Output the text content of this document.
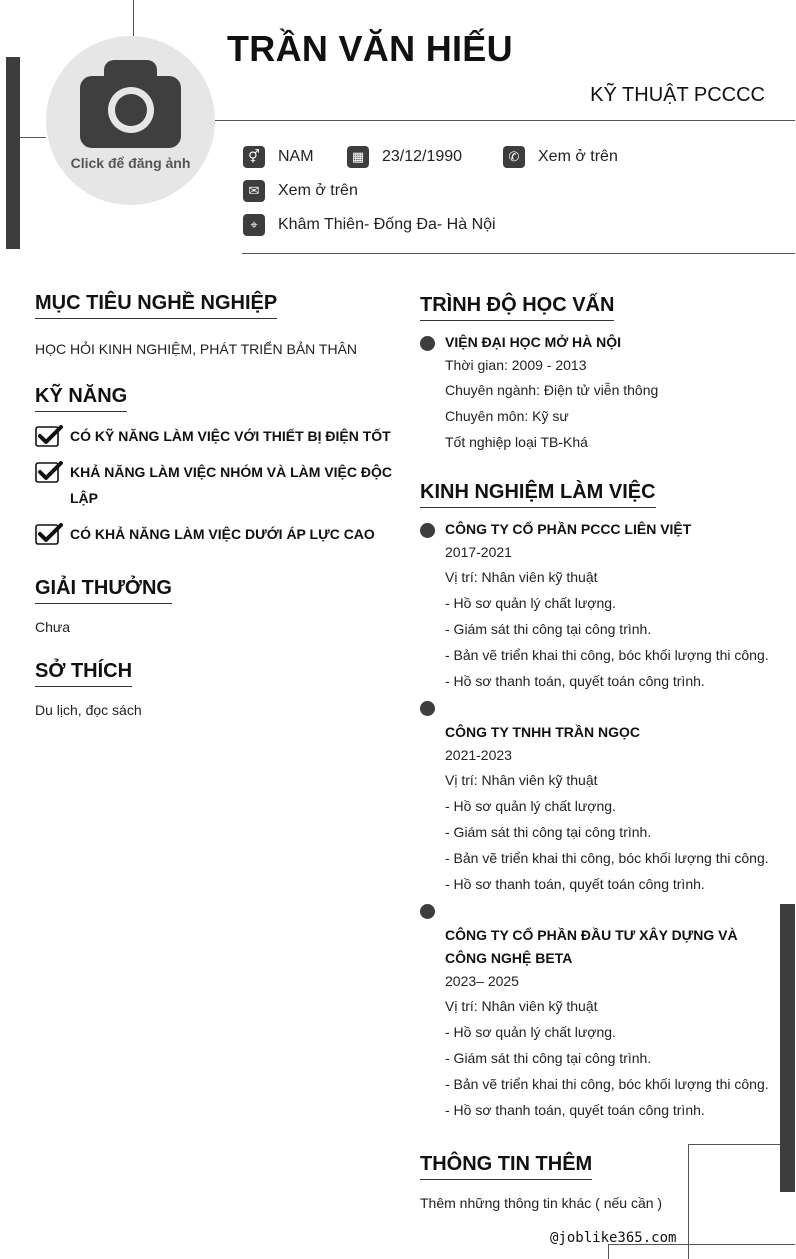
Click để đăng ảnh
TRẦN VĂN HIẾU
KỸ THUẬT PCCCC
⚥	NAM	▦	23/12/1990	✆	Xem ở trên
✉	Xem ở trên
⌖	Khâm Thiên- Đống Đa- Hà Nội
MỤC TIÊU NGHỀ NGHIỆP
HỌC HỎI KINH NGHIỆM, PHÁT TRIỂN BẢN THÂN
KỸ NĂNG
CÓ KỸ NĂNG LÀM VIỆC VỚI THIẾT BỊ ĐIỆN TỐT
KHẢ NĂNG LÀM VIỆC NHÓM VÀ LÀM VIỆC ĐỘC LẬP
CÓ KHẢ NĂNG LÀM VIỆC DƯỚI ÁP LỰC CAO
GIẢI THƯỞNG
Chưa
SỞ THÍCH
Du lịch, đọc sách
TRÌNH ĐỘ HỌC VẤN
VIỆN ĐẠI HỌC MỞ HÀ NỘI
Thời gian: 2009 - 2013
Chuyên ngành: Điện tử viễn thông
Chuyên môn: Kỹ sư
Tốt nghiệp loại TB-Khá
KINH NGHIỆM LÀM VIỆC
CÔNG TY CỔ PHẦN PCCC LIÊN VIỆT
2017-2021
Vị trí: Nhân viên kỹ thuật
- Hồ sơ quản lý chất lượng.
- Giám sát thi công tại công trình.
- Bản vẽ triển khai thi công, bóc khối lượng thi công.
- Hồ sơ thanh toán, quyết toán công trình.
CÔNG TY TNHH TRẦN NGỌC
2021-2023
Vị trí: Nhân viên kỹ thuật
- Hồ sơ quản lý chất lượng.
- Giám sát thi công tại công trình.
- Bản vẽ triển khai thi công, bóc khối lượng thi công.
- Hồ sơ thanh toán, quyết toán công trình.
CÔNG TY CỔ PHẦN ĐẦU TƯ XÂY DỰNG VÀ CÔNG NGHỆ BETA
2023– 2025
Vị trí: Nhân viên kỹ thuật
- Hồ sơ quản lý chất lượng.
- Giám sát thi công tại công trình.
- Bản vẽ triển khai thi công, bóc khối lượng thi công.
- Hồ sơ thanh toán, quyết toán công trình.
THÔNG TIN THÊM
Thêm những thông tin khác ( nếu cần )
@joblike365.com
